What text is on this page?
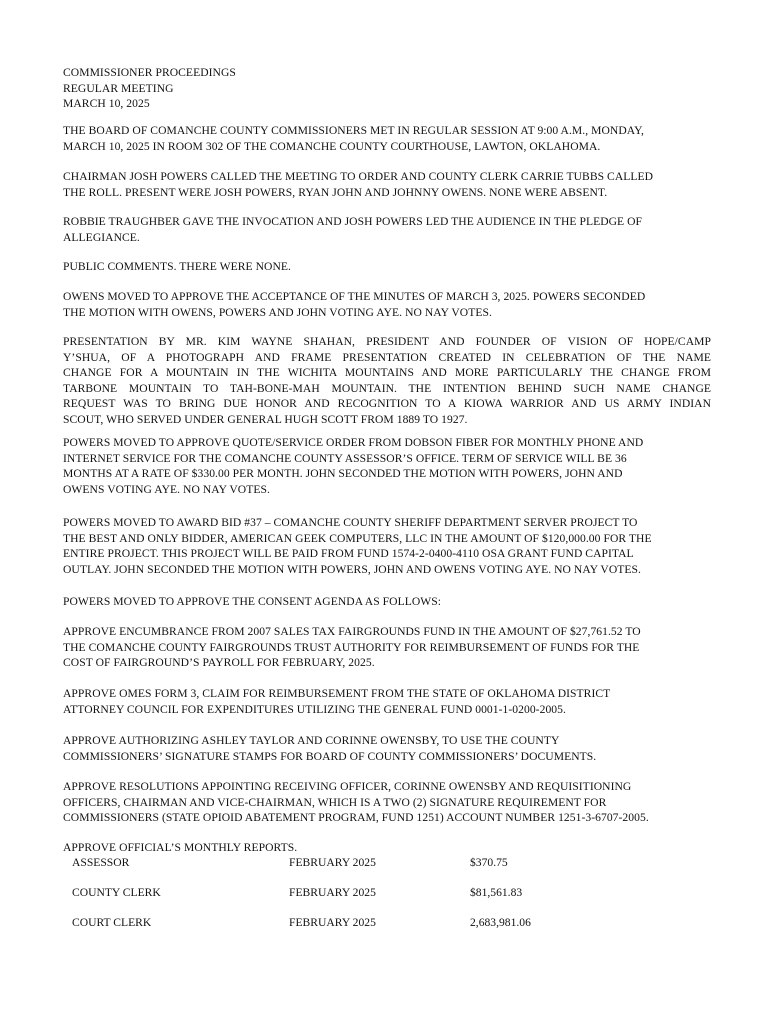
COMMISSIONER PROCEEDINGS
REGULAR MEETING
MARCH 10, 2025
THE BOARD OF COMANCHE COUNTY COMMISSIONERS MET IN REGULAR SESSION AT 9:00 A.M., MONDAY,
MARCH 10, 2025 IN ROOM 302 OF THE COMANCHE COUNTY COURTHOUSE, LAWTON, OKLAHOMA.
CHAIRMAN JOSH POWERS CALLED THE MEETING TO ORDER AND COUNTY CLERK CARRIE TUBBS CALLED
THE ROLL. PRESENT WERE JOSH POWERS, RYAN JOHN AND JOHNNY OWENS. NONE WERE ABSENT.
ROBBIE TRAUGHBER GAVE THE INVOCATION AND JOSH POWERS LED THE AUDIENCE IN THE PLEDGE OF
ALLEGIANCE.
PUBLIC COMMENTS. THERE WERE NONE.
OWENS MOVED TO APPROVE THE ACCEPTANCE OF THE MINUTES OF MARCH 3, 2025. POWERS SECONDED
THE MOTION WITH OWENS, POWERS AND JOHN VOTING AYE. NO NAY VOTES.
PRESENTATION BY MR. KIM WAYNE SHAHAN, PRESIDENT AND FOUNDER OF VISION OF HOPE/CAMP
Y’SHUA, OF A PHOTOGRAPH AND FRAME PRESENTATION CREATED IN CELEBRATION OF THE NAME
CHANGE FOR A MOUNTAIN IN THE WICHITA MOUNTAINS AND MORE PARTICULARLY THE CHANGE FROM
TARBONE MOUNTAIN TO TAH-BONE-MAH MOUNTAIN. THE INTENTION BEHIND SUCH NAME CHANGE
REQUEST WAS TO BRING DUE HONOR AND RECOGNITION TO A KIOWA WARRIOR AND US ARMY INDIAN
SCOUT, WHO SERVED UNDER GENERAL HUGH SCOTT FROM 1889 TO 1927.
POWERS MOVED TO APPROVE QUOTE/SERVICE ORDER FROM DOBSON FIBER FOR MONTHLY PHONE AND
INTERNET SERVICE FOR THE COMANCHE COUNTY ASSESSOR’S OFFICE. TERM OF SERVICE WILL BE 36
MONTHS AT A RATE OF $330.00 PER MONTH. JOHN SECONDED THE MOTION WITH POWERS, JOHN AND
OWENS VOTING AYE. NO NAY VOTES.
POWERS MOVED TO AWARD BID #37 – COMANCHE COUNTY SHERIFF DEPARTMENT SERVER PROJECT TO
THE BEST AND ONLY BIDDER, AMERICAN GEEK COMPUTERS, LLC IN THE AMOUNT OF $120,000.00 FOR THE
ENTIRE PROJECT. THIS PROJECT WILL BE PAID FROM FUND 1574-2-0400-4110 OSA GRANT FUND CAPITAL
OUTLAY. JOHN SECONDED THE MOTION WITH POWERS, JOHN AND OWENS VOTING AYE. NO NAY VOTES.
POWERS MOVED TO APPROVE THE CONSENT AGENDA AS FOLLOWS:
APPROVE ENCUMBRANCE FROM 2007 SALES TAX FAIRGROUNDS FUND IN THE AMOUNT OF $27,761.52 TO
THE COMANCHE COUNTY FAIRGROUNDS TRUST AUTHORITY FOR REIMBURSEMENT OF FUNDS FOR THE
COST OF FAIRGROUND’S PAYROLL FOR FEBRUARY, 2025.
APPROVE OMES FORM 3, CLAIM FOR REIMBURSEMENT FROM THE STATE OF OKLAHOMA DISTRICT
ATTORNEY COUNCIL FOR EXPENDITURES UTILIZING THE GENERAL FUND 0001-1-0200-2005.
APPROVE AUTHORIZING ASHLEY TAYLOR AND CORINNE OWENSBY, TO USE THE COUNTY
COMMISSIONERS’ SIGNATURE STAMPS FOR BOARD OF COUNTY COMMISSIONERS’ DOCUMENTS.
APPROVE RESOLUTIONS APPOINTING RECEIVING OFFICER, CORINNE OWENSBY AND REQUISITIONING
OFFICERS, CHAIRMAN AND VICE-CHAIRMAN, WHICH IS A TWO (2) SIGNATURE REQUIREMENT FOR
COMMISSIONERS (STATE OPIOID ABATEMENT PROGRAM, FUND 1251) ACCOUNT NUMBER 1251-3-6707-2005.
APPROVE OFFICIAL’S MONTHLY REPORTS.
ASSESSOR	FEBRUARY 2025	$370.75
COUNTY CLERK	FEBRUARY 2025	$81,561.83
COURT CLERK	FEBRUARY 2025	2,683,981.06
